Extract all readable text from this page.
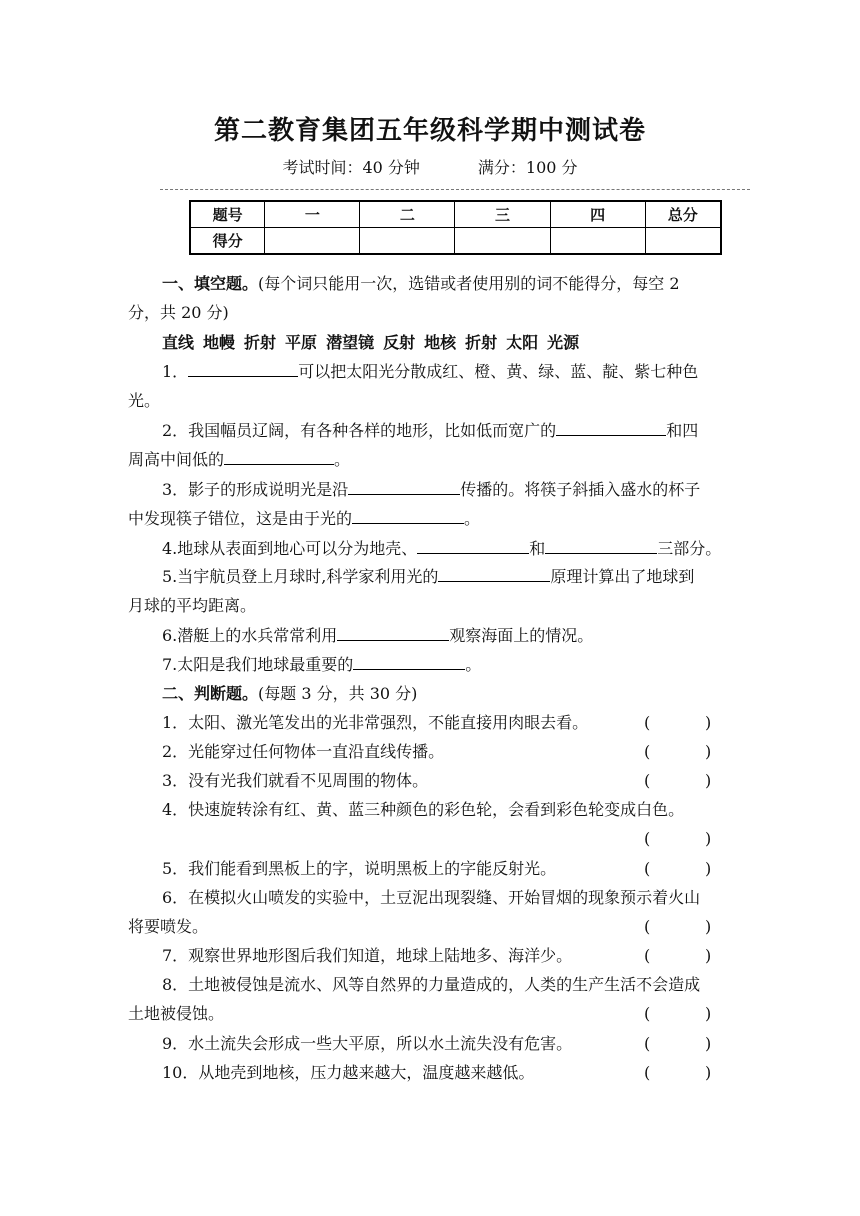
第二教育集团五年级科学期中测试卷
考试时间：40 分钟	满分：100 分
题号	一	二	三	四	总分
得分					
一、填空题。(每个词只能用一次，选错或者使用别的词不能得分，每空 2
分，共 20 分)
直线 地幔 折射 平原 潜望镜 反射 地核 折射 太阳 光源
1．	可以把太阳光分散成红、橙、黄、绿、蓝、靛、紫七种色
光。
2．我国幅员辽阔，有各种各样的地形，比如低而宽广的	和四
周高中间低的	。
3．影子的形成说明光是沿	传播的。将筷子斜插入盛水的杯子
中发现筷子错位，这是由于光的	。
4.地球从表面到地心可以分为地壳、	和	三部分。
5.当宇航员登上月球时,科学家利用光的	原理计算出了地球到
月球的平均距离。
6.潜艇上的水兵常常利用	观察海面上的情况。
7.太阳是我们地球最重要的	。
二、判断题。(每题 3 分，共 30 分)
1．太阳、激光笔发出的光非常强烈，不能直接用肉眼去看。	(	)
2．光能穿过任何物体一直沿直线传播。	(	)
3．没有光我们就看不见周围的物体。	(	)
4．快速旋转涂有红、黄、蓝三种颜色的彩色轮，会看到彩色轮变成白色。
(	)
5．我们能看到黑板上的字，说明黑板上的字能反射光。	(	)
6．在模拟火山喷发的实验中，土豆泥出现裂缝、开始冒烟的现象预示着火山
将要喷发。	(	)
7．观察世界地形图后我们知道，地球上陆地多、海洋少。	(	)
8．土地被侵蚀是流水、风等自然界的力量造成的，人类的生产生活不会造成
土地被侵蚀。	(	)
9．水土流失会形成一些大平原，所以水土流失没有危害。	(	)
10．从地壳到地核，压力越来越大，温度越来越低。	(	)
